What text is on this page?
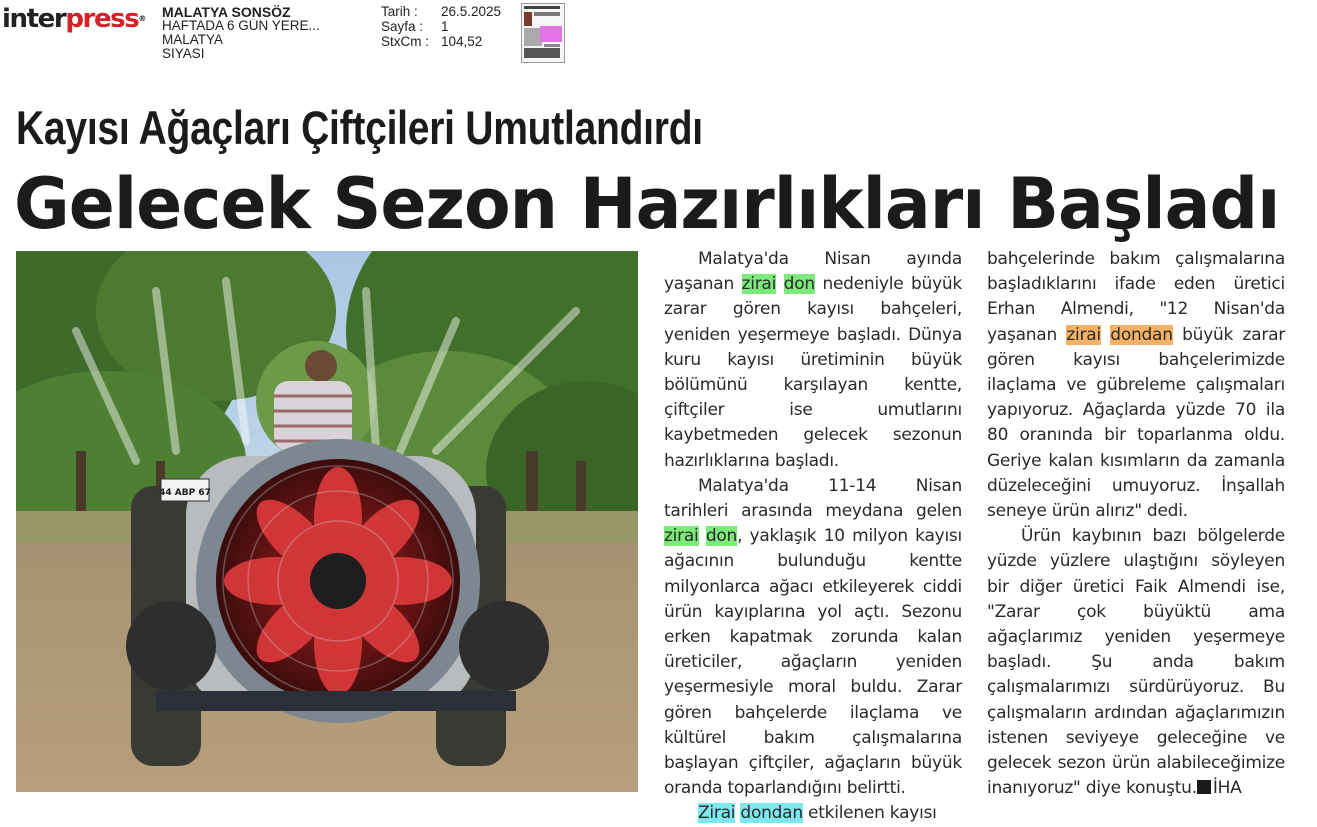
interpress® MALATYA SONSÖZ
HAFTADA 6 GÜN YERE...
MALATYA
SİYASİ
Tarih :	26.5.2025
Sayfa :	1
StxCm : 104,52
Kayısı Ağaçları Çiftçileri Umutlandırdı
Gelecek Sezon Hazırlıkları Başladı
44 ABP 67

Malatya'da Nisan ayında yaşanan zirai don nedeniyle büyük zarar gören kayısı bahçeleri, yeniden yeşermeye başladı. Dünya kuru kayısı üretiminin büyük bölümünü karşılayan kentte, çiftçiler ise umutlarını kaybetmeden gelecek sezonun hazırlıklarına başladı.

Malatya'da 11-14 Nisan tarihleri arasında meydana gelen zirai don, yaklaşık 10 milyon kayısı ağacının bulunduğu kentte milyonlarca ağacı etkileyerek ciddi ürün kayıplarına yol açtı. Sezonu erken kapatmak zorunda kalan üreticiler, ağaçların yeniden yeşermesiyle moral buldu. Zarar gören bahçelerde ilaçlama ve kültürel bakım çalışmalarına başlayan çiftçiler, ağaçların büyük oranda toparlandığını belirtti.

Zirai dondan etkilenen kayısı

bahçelerinde bakım çalışmalarına başladıklarını ifade eden üretici Erhan Almendi, "12 Nisan'da yaşanan zirai dondan büyük zarar gören kayısı bahçelerimizde ilaçlama ve gübreleme çalışmaları yapıyoruz. Ağaçlarda yüzde 70 ila 80 oranında bir toparlanma oldu. Geriye kalan kısımların da zamanla düzeleceğini umuyoruz. İnşallah seneye ürün alırız" dedi.

Ürün kaybının bazı bölgelerde yüzde yüzlere ulaştığını söyleyen bir diğer üretici Faik Almendi ise, "Zarar çok büyüktü ama ağaçlarımız yeniden yeşermeye başladı. Şu anda bakım çalışmalarımızı sürdürüyoruz. Bu çalışmaların ardından ağaçlarımızın istenen seviyeye geleceğine ve gelecek sezon ürün alabileceğimize inanıyoruz" diye konuştu. İHA
